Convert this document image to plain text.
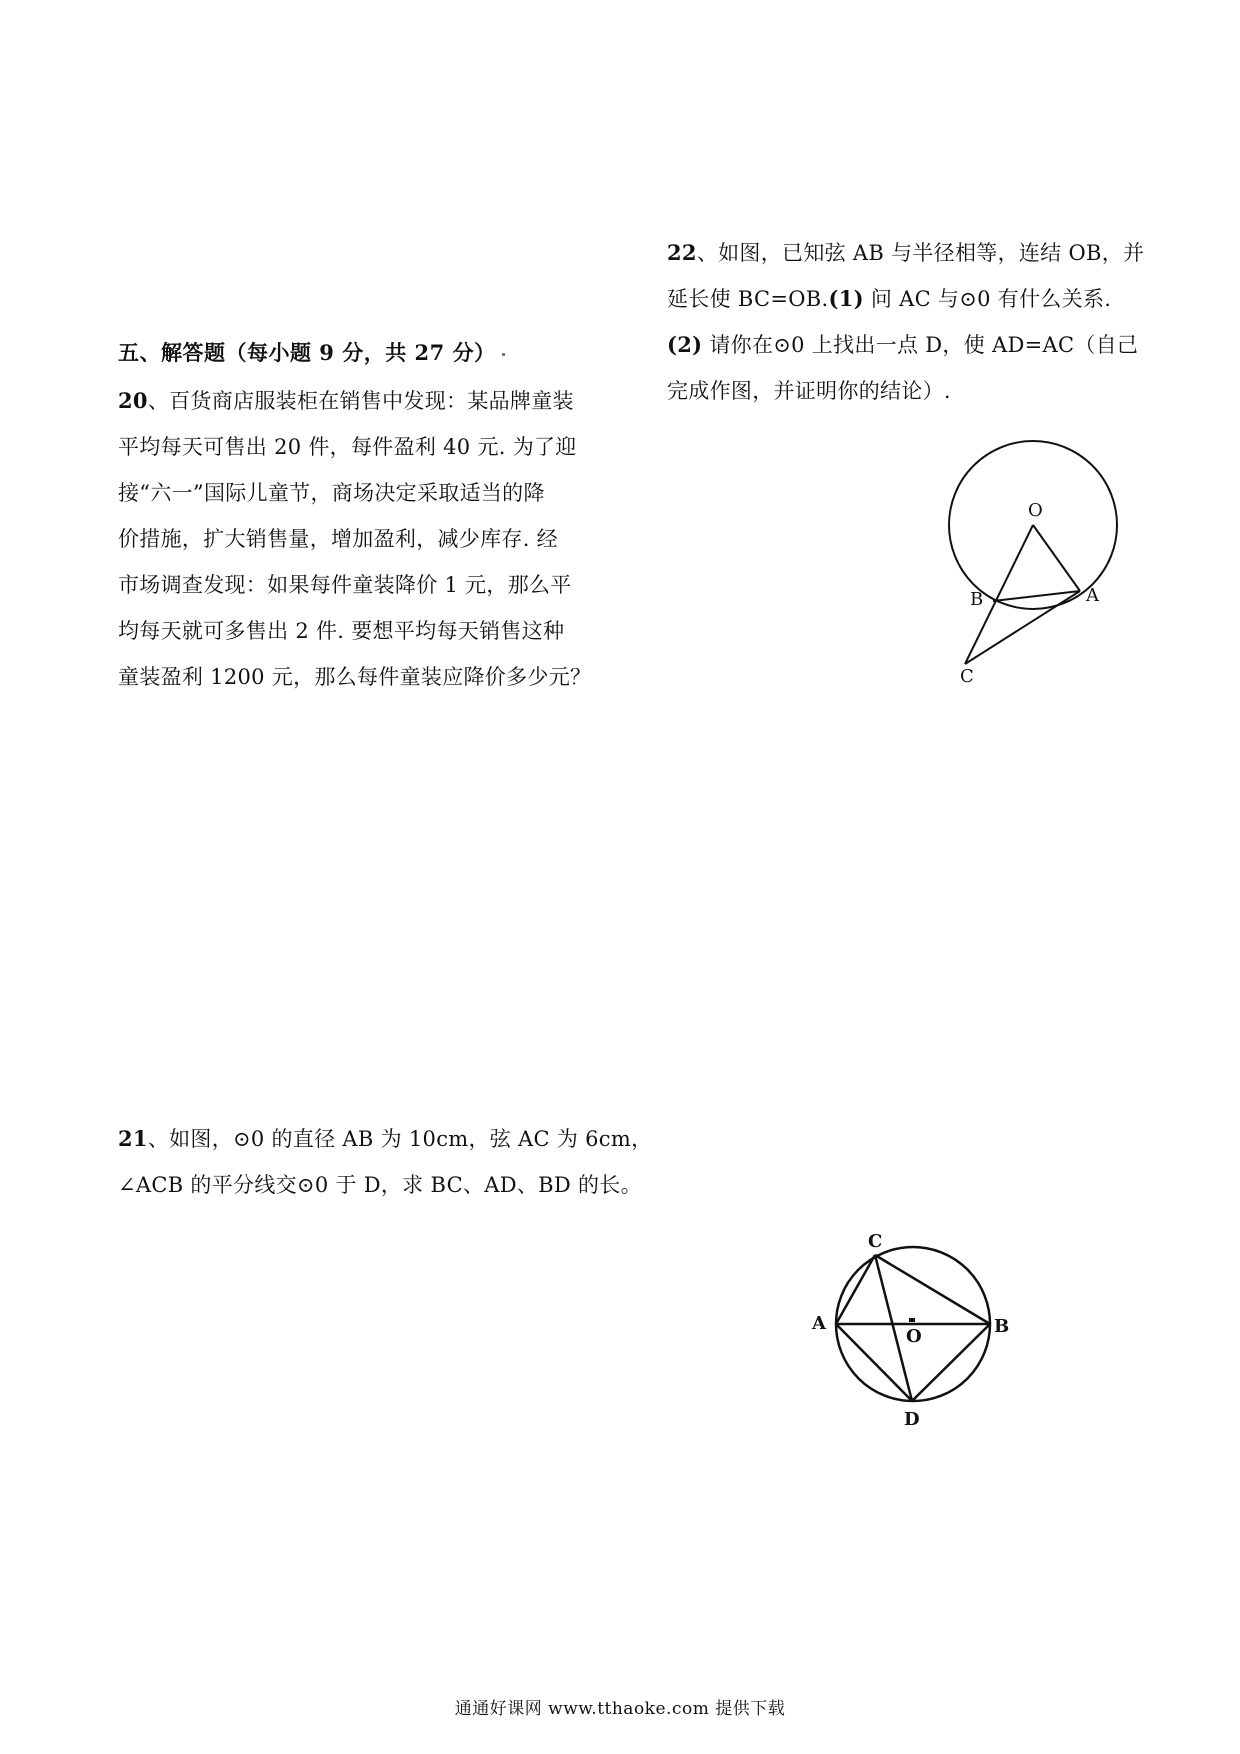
五、解答题（每小题 9 分，共 27 分）
20、百货商店服装柜在销售中发现：某品牌童装
平均每天可售出 20 件，每件盈利 40 元. 为了迎
接“六一”国际儿童节，商场决定采取适当的降
价措施，扩大销售量，增加盈利，减少库存. 经
市场调查发现：如果每件童装降价 1 元，那么平
均每天就可多售出 2 件. 要想平均每天销售这种
童装盈利 1200 元，那么每件童装应降价多少元？
21、如图，⊙0 的直径 AB 为 10cm，弦 AC 为 6cm，
∠ACB 的平分线交⊙0 于 D，求 BC、AD、BD 的长。
22、如图，已知弦 AB 与半径相等，连结 OB，并
延长使 BC=OB.(1) 问 AC 与⊙0 有什么关系.
(2) 请你在⊙0 上找出一点 D，使 AD=AC（自己
完成作图，并证明你的结论）.
O
B	A
C
C
A	B
O
D
通通好课网 www.tthaoke.com 提供下载
